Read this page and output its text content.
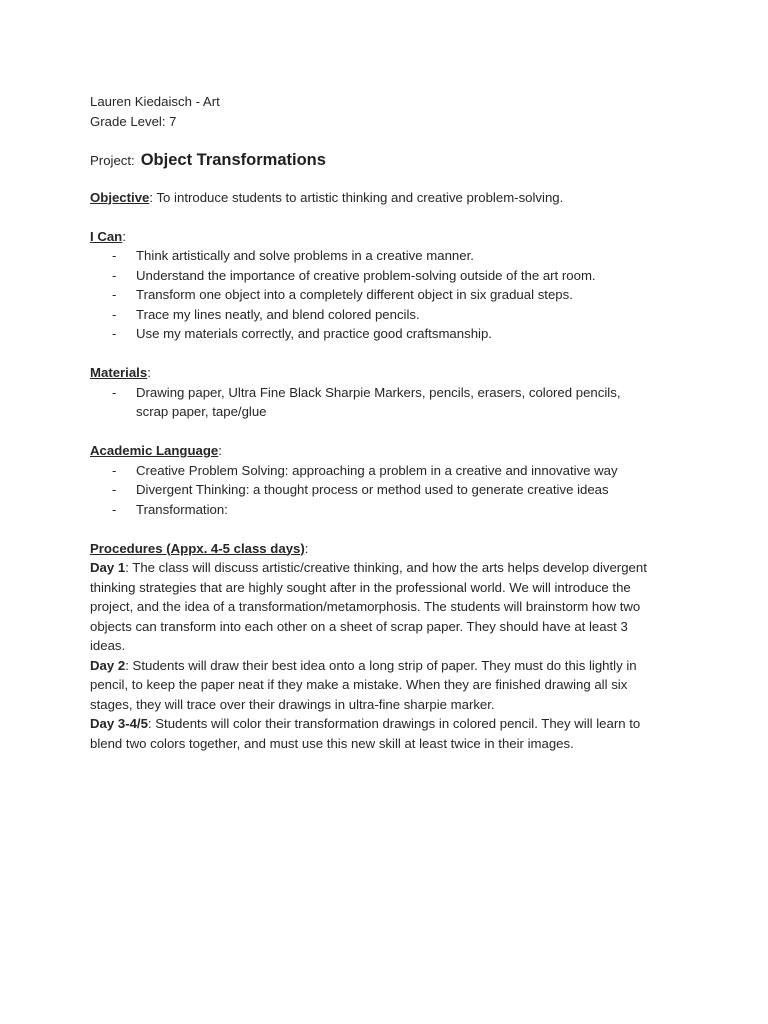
Lauren Kiedaisch - Art

Grade Level: 7

Project: Object Transformations

Objective: To introduce students to artistic thinking and creative problem-solving.

I Can:

- Think artistically and solve problems in a creative manner.
- Understand the importance of creative problem-solving outside of the art room.
- Transform one object into a completely different object in six gradual steps.
- Trace my lines neatly, and blend colored pencils.
- Use my materials correctly, and practice good craftsmanship.

Materials:

- Drawing paper, Ultra Fine Black Sharpie Markers, pencils, erasers, colored pencils, scrap paper, tape/glue

Academic Language:

- Creative Problem Solving: approaching a problem in a creative and innovative way
- Divergent Thinking: a thought process or method used to generate creative ideas
- Transformation:

Procedures (Appx. 4-5 class days):

Day 1: The class will discuss artistic/creative thinking, and how the arts helps develop divergent thinking strategies that are highly sought after in the professional world. We will introduce the project, and the idea of a transformation/metamorphosis. The students will brainstorm how two objects can transform into each other on a sheet of scrap paper. They should have at least 3 ideas.

Day 2: Students will draw their best idea onto a long strip of paper. They must do this lightly in pencil, to keep the paper neat if they make a mistake. When they are finished drawing all six stages, they will trace over their drawings in ultra-fine sharpie marker.

Day 3-4/5: Students will color their transformation drawings in colored pencil. They will learn to blend two colors together, and must use this new skill at least twice in their images.
